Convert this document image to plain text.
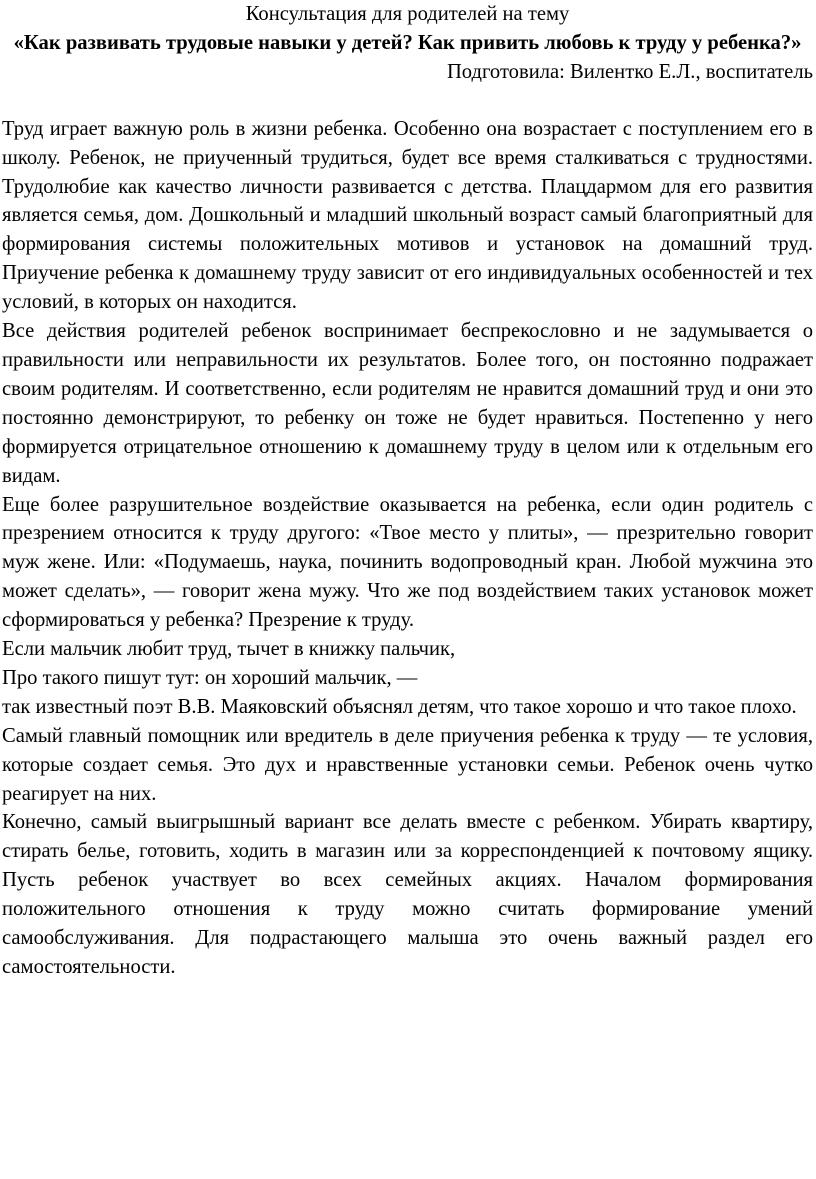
Консультация для родителей на тему
«Как развивать трудовые навыки у детей? Как привить любовь к труду у ребенка?»
Подготовила: Вилентко Е.Л., воспитатель
Труд играет важную роль в жизни ребенка. Особенно она возрастает с поступлением его в школу. Ребенок, не приученный трудиться, будет все время сталкиваться с трудностями. Трудолюбие как качество личности развивается с детства. Плацдармом для его развития является семья, дом. Дошкольный и младший школьный возраст самый благоприятный для формирования системы положительных мотивов и установок на домашний труд. Приучение ребенка к домашнему труду зависит от его индивидуальных особенностей и тех условий, в которых он находится.
Все действия родителей ребенок воспринимает беспрекословно и не задумывается о правильности или неправильности их результатов. Более того, он постоянно подражает своим родителям. И соответственно, если родителям не нравится домашний труд и они это постоянно демонстрируют, то ребенку он тоже не будет нравиться. Постепенно у него формируется отрицательное отношению к домашнему труду в целом или к отдельным его видам.
Еще более разрушительное воздействие оказывается на ребенка, если один родитель с презрением относится к труду другого: «Твое место у плиты», — презрительно говорит муж жене. Или: «Подумаешь, наука, починить водопроводный кран. Любой мужчина это может сделать», — говорит жена мужу. Что же под воздействием таких установок может сформироваться у ребенка? Презрение к труду.
Если мальчик любит труд, тычет в книжку пальчик,
Про такого пишут тут: он хороший мальчик, —
так известный поэт В.В. Маяковский объяснял детям, что такое хорошо и что такое плохо.
Самый главный помощник или вредитель в деле приучения ребенка к труду — те условия, которые создает семья. Это дух и нравственные установки семьи. Ребенок очень чутко реагирует на них.
Конечно, самый выигрышный вариант все делать вместе с ребенком. Убирать квартиру, стирать белье, готовить, ходить в магазин или за корреспонденцией к почтовому ящику. Пусть ребенок участвует во всех семейных акциях. Началом формирования положительного отношения к труду можно считать формирование умений самообслуживания. Для подрастающего малыша это очень важный раздел его самостоятельности.
